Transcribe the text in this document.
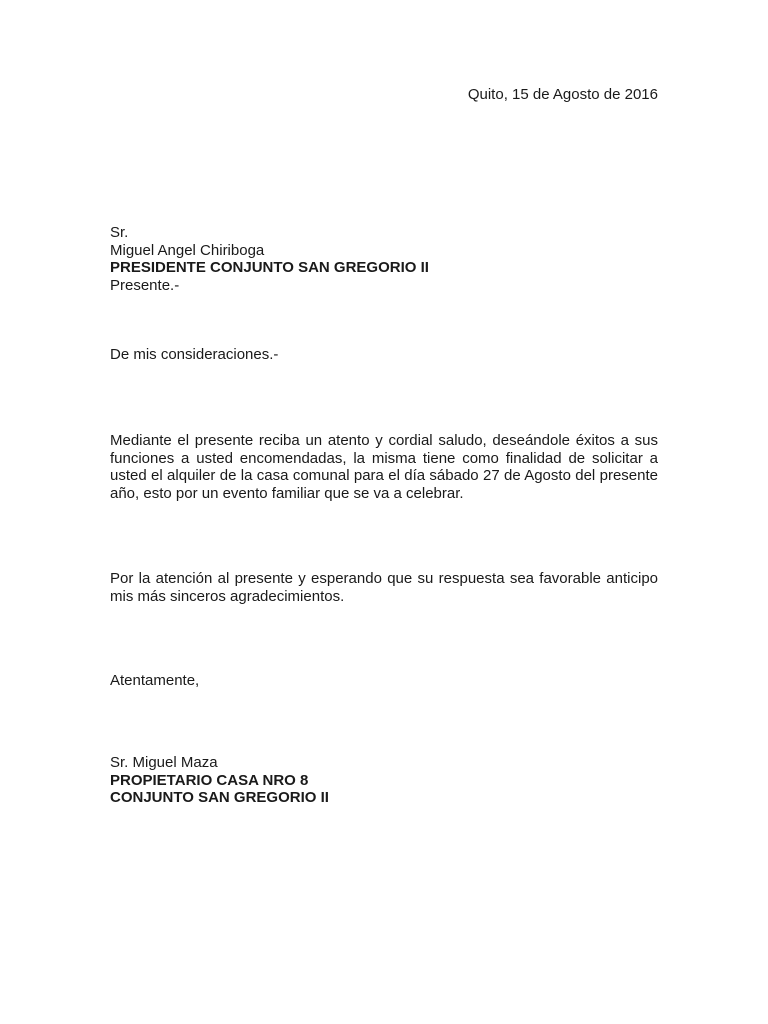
Quito, 15 de Agosto de 2016
Sr.
Miguel Angel Chiriboga
PRESIDENTE CONJUNTO SAN GREGORIO II
Presente.-
De mis consideraciones.-

Mediante el presente reciba un atento y cordial saludo, deseándole éxitos a sus funciones a usted encomendadas, la misma tiene como finalidad de solicitar a usted el alquiler de la casa comunal para el día sábado 27 de Agosto del presente año, esto por un evento familiar que se va a celebrar.

Por la atención al presente y esperando que su respuesta sea favorable anticipo mis más sinceros agradecimientos.

Atentamente,
Sr. Miguel Maza
PROPIETARIO CASA NRO 8
CONJUNTO SAN GREGORIO II
